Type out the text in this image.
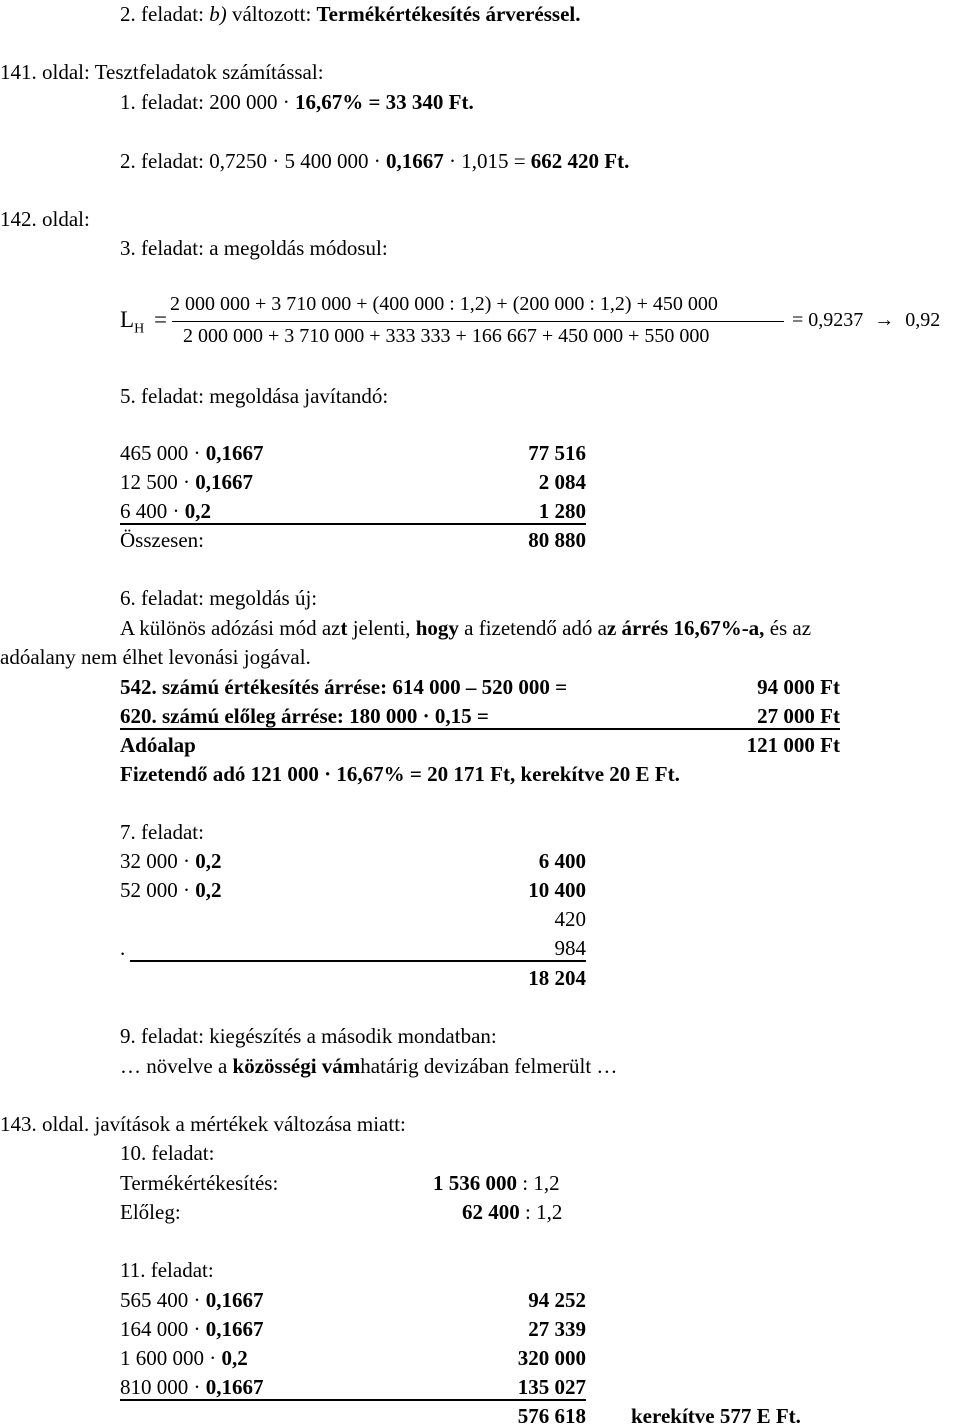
2. feladat: b) változott: Termékértékesítés árveréssel.
141. oldal: Tesztfeladatok számítással:
1. feladat: 200 000 · 16,67% = 33 340 Ft.
2. feladat: 0,7250 · 5 400 000 · 0,1667 · 1,015 = 662 420 Ft.
142. oldal:
3. feladat: a megoldás módosul:
$L_H$ =
2 000 000 + 3 710 000 + (400 000 : 1,2) + (200 000 : 1,2) + 450 000
2 000 000 + 3 710 000 + 333 333 + 166 667 + 450 000 + 550 000
= 0,9237 → 0,92
5. feladat: megoldása javítandó:
465 000 · 0,1667	77 516
12 500 · 0,1667	2 084
6 400 · 0,2	1 280
Összesen:	80 880
6. feladat: megoldás új:
A különös adózási mód azt jelenti, hogy a fizetendő adó az árrés 16,67%-a, és az
adóalany nem élhet levonási jogával.
542. számú értékesítés árrése: 614 000 – 520 000 =	94 000 Ft
620. számú előleg árrése: 180 000 · 0,15 =	27 000 Ft
Adóalap	121 000 Ft
Fizetendő adó 121 000 · 16,67% = 20 171 Ft, kerekítve 20 E Ft.
7. feladat:
32 000 · 0,2	6 400
52 000 · 0,2	10 400
420
.	984
18 204
9. feladat: kiegészítés a második mondatban:
… növelve a közösségi vámhatárig devizában felmerült …
143. oldal. javítások a mértékek változása miatt:
10. feladat:
Termékértékesítés:	1 536 000 : 1,2
Előleg:	62 400 : 1,2
11. feladat:
565 400 · 0,1667	94 252
164 000 · 0,1667	27 339
1 600 000 · 0,2	320 000
810 000 · 0,1667	135 027
576 618 kerekítve 577 E Ft.
